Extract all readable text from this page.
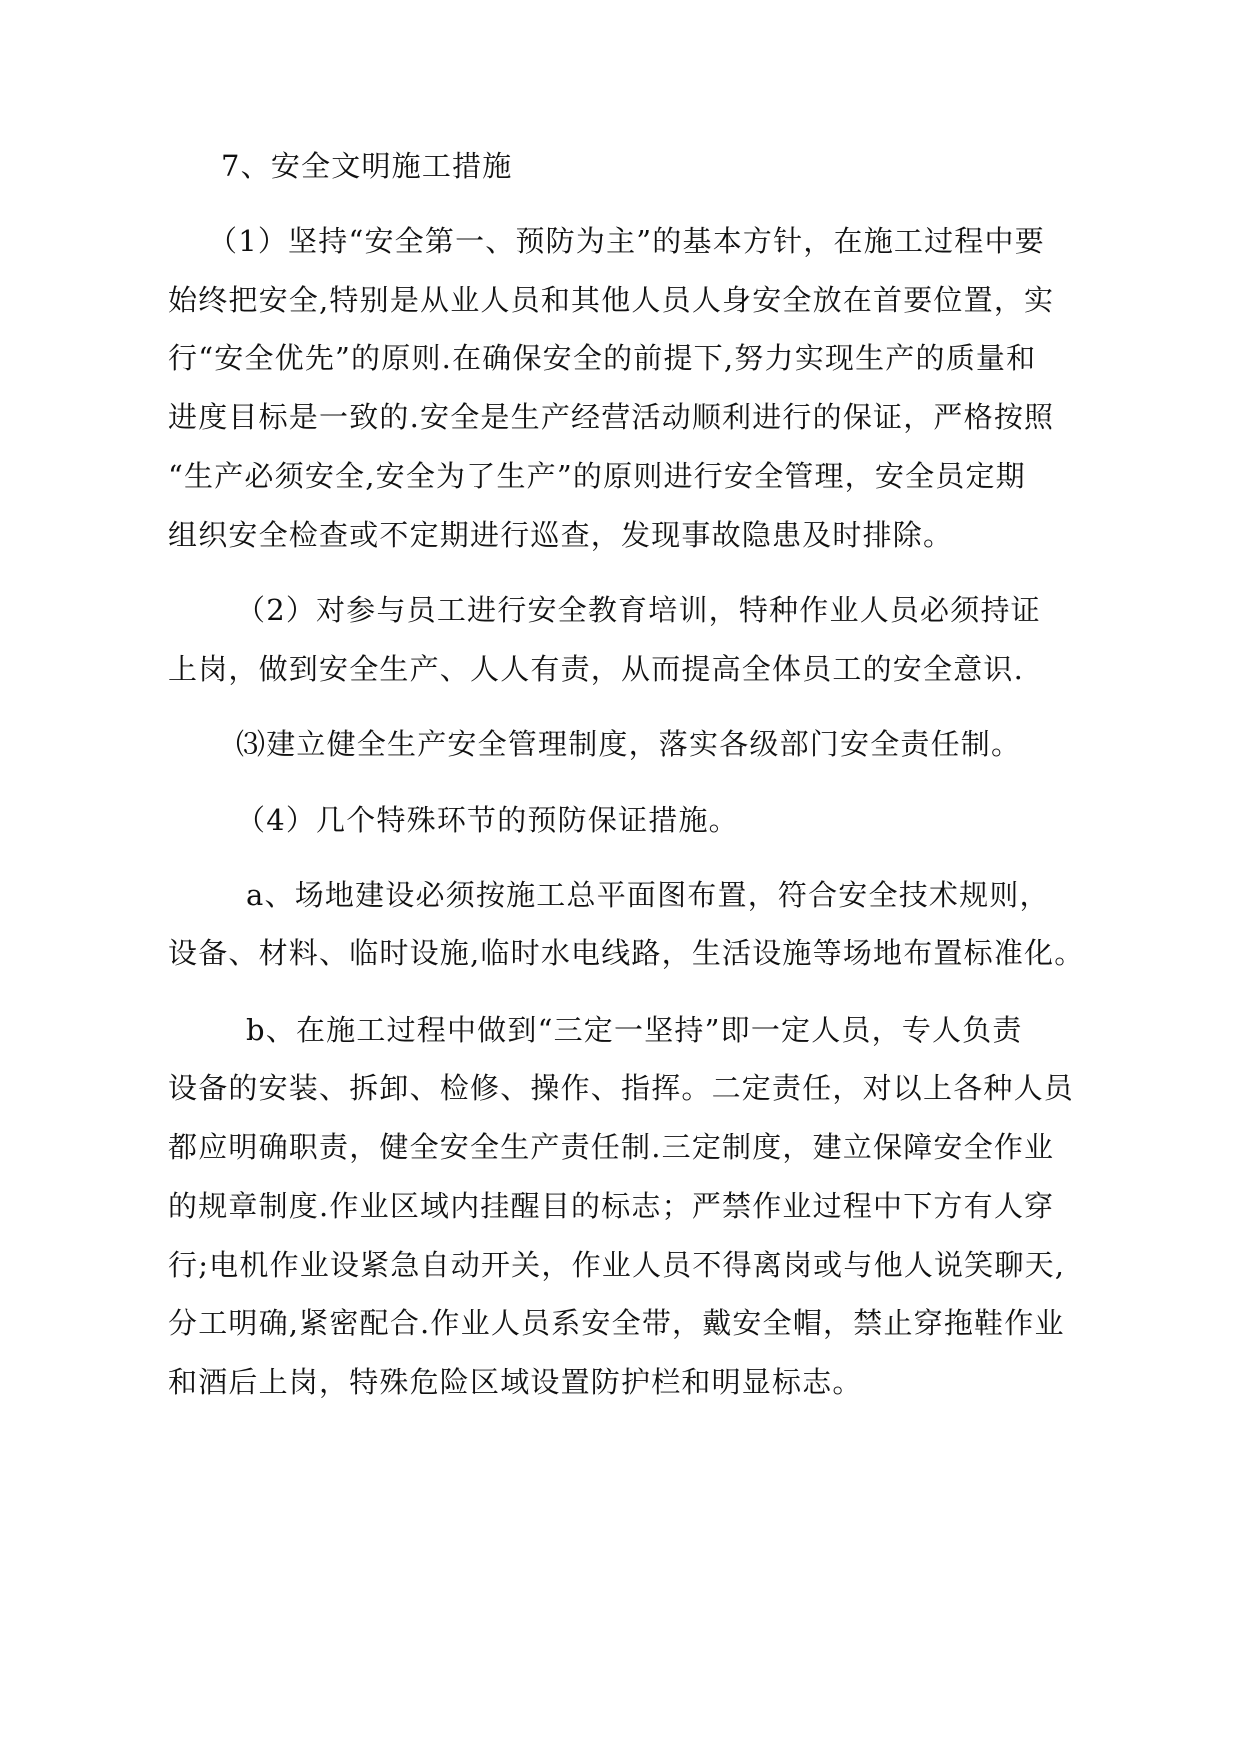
7、安全文明施工措施
（1）坚持“安全第一、预防为主”的基本方针，在施工过程中要
始终把安全,特别是从业人员和其他人员人身安全放在首要位置，实
行“安全优先”的原则.在确保安全的前提下,努力实现生产的质量和
进度目标是一致的.安全是生产经营活动顺利进行的保证，严格按照
“生产必须安全,安全为了生产”的原则进行安全管理，安全员定期
组织安全检查或不定期进行巡查，发现事故隐患及时排除。
（2）对参与员工进行安全教育培训，特种作业人员必须持证
上岗，做到安全生产、人人有责，从而提高全体员工的安全意识.
⑶建立健全生产安全管理制度，落实各级部门安全责任制。
（4）几个特殊环节的预防保证措施。
a、场地建设必须按施工总平面图布置，符合安全技术规则，
设备、材料、临时设施,临时水电线路，生活设施等场地布置标准化。
b、在施工过程中做到“三定一坚持”即一定人员，专人负责
设备的安装、拆卸、检修、操作、指挥。二定责任，对以上各种人员
都应明确职责，健全安全生产责任制.三定制度，建立保障安全作业
的规章制度.作业区域内挂醒目的标志；严禁作业过程中下方有人穿
行;电机作业设紧急自动开关，作业人员不得离岗或与他人说笑聊天,
分工明确,紧密配合.作业人员系安全带，戴安全帽，禁止穿拖鞋作业
和酒后上岗，特殊危险区域设置防护栏和明显标志。
